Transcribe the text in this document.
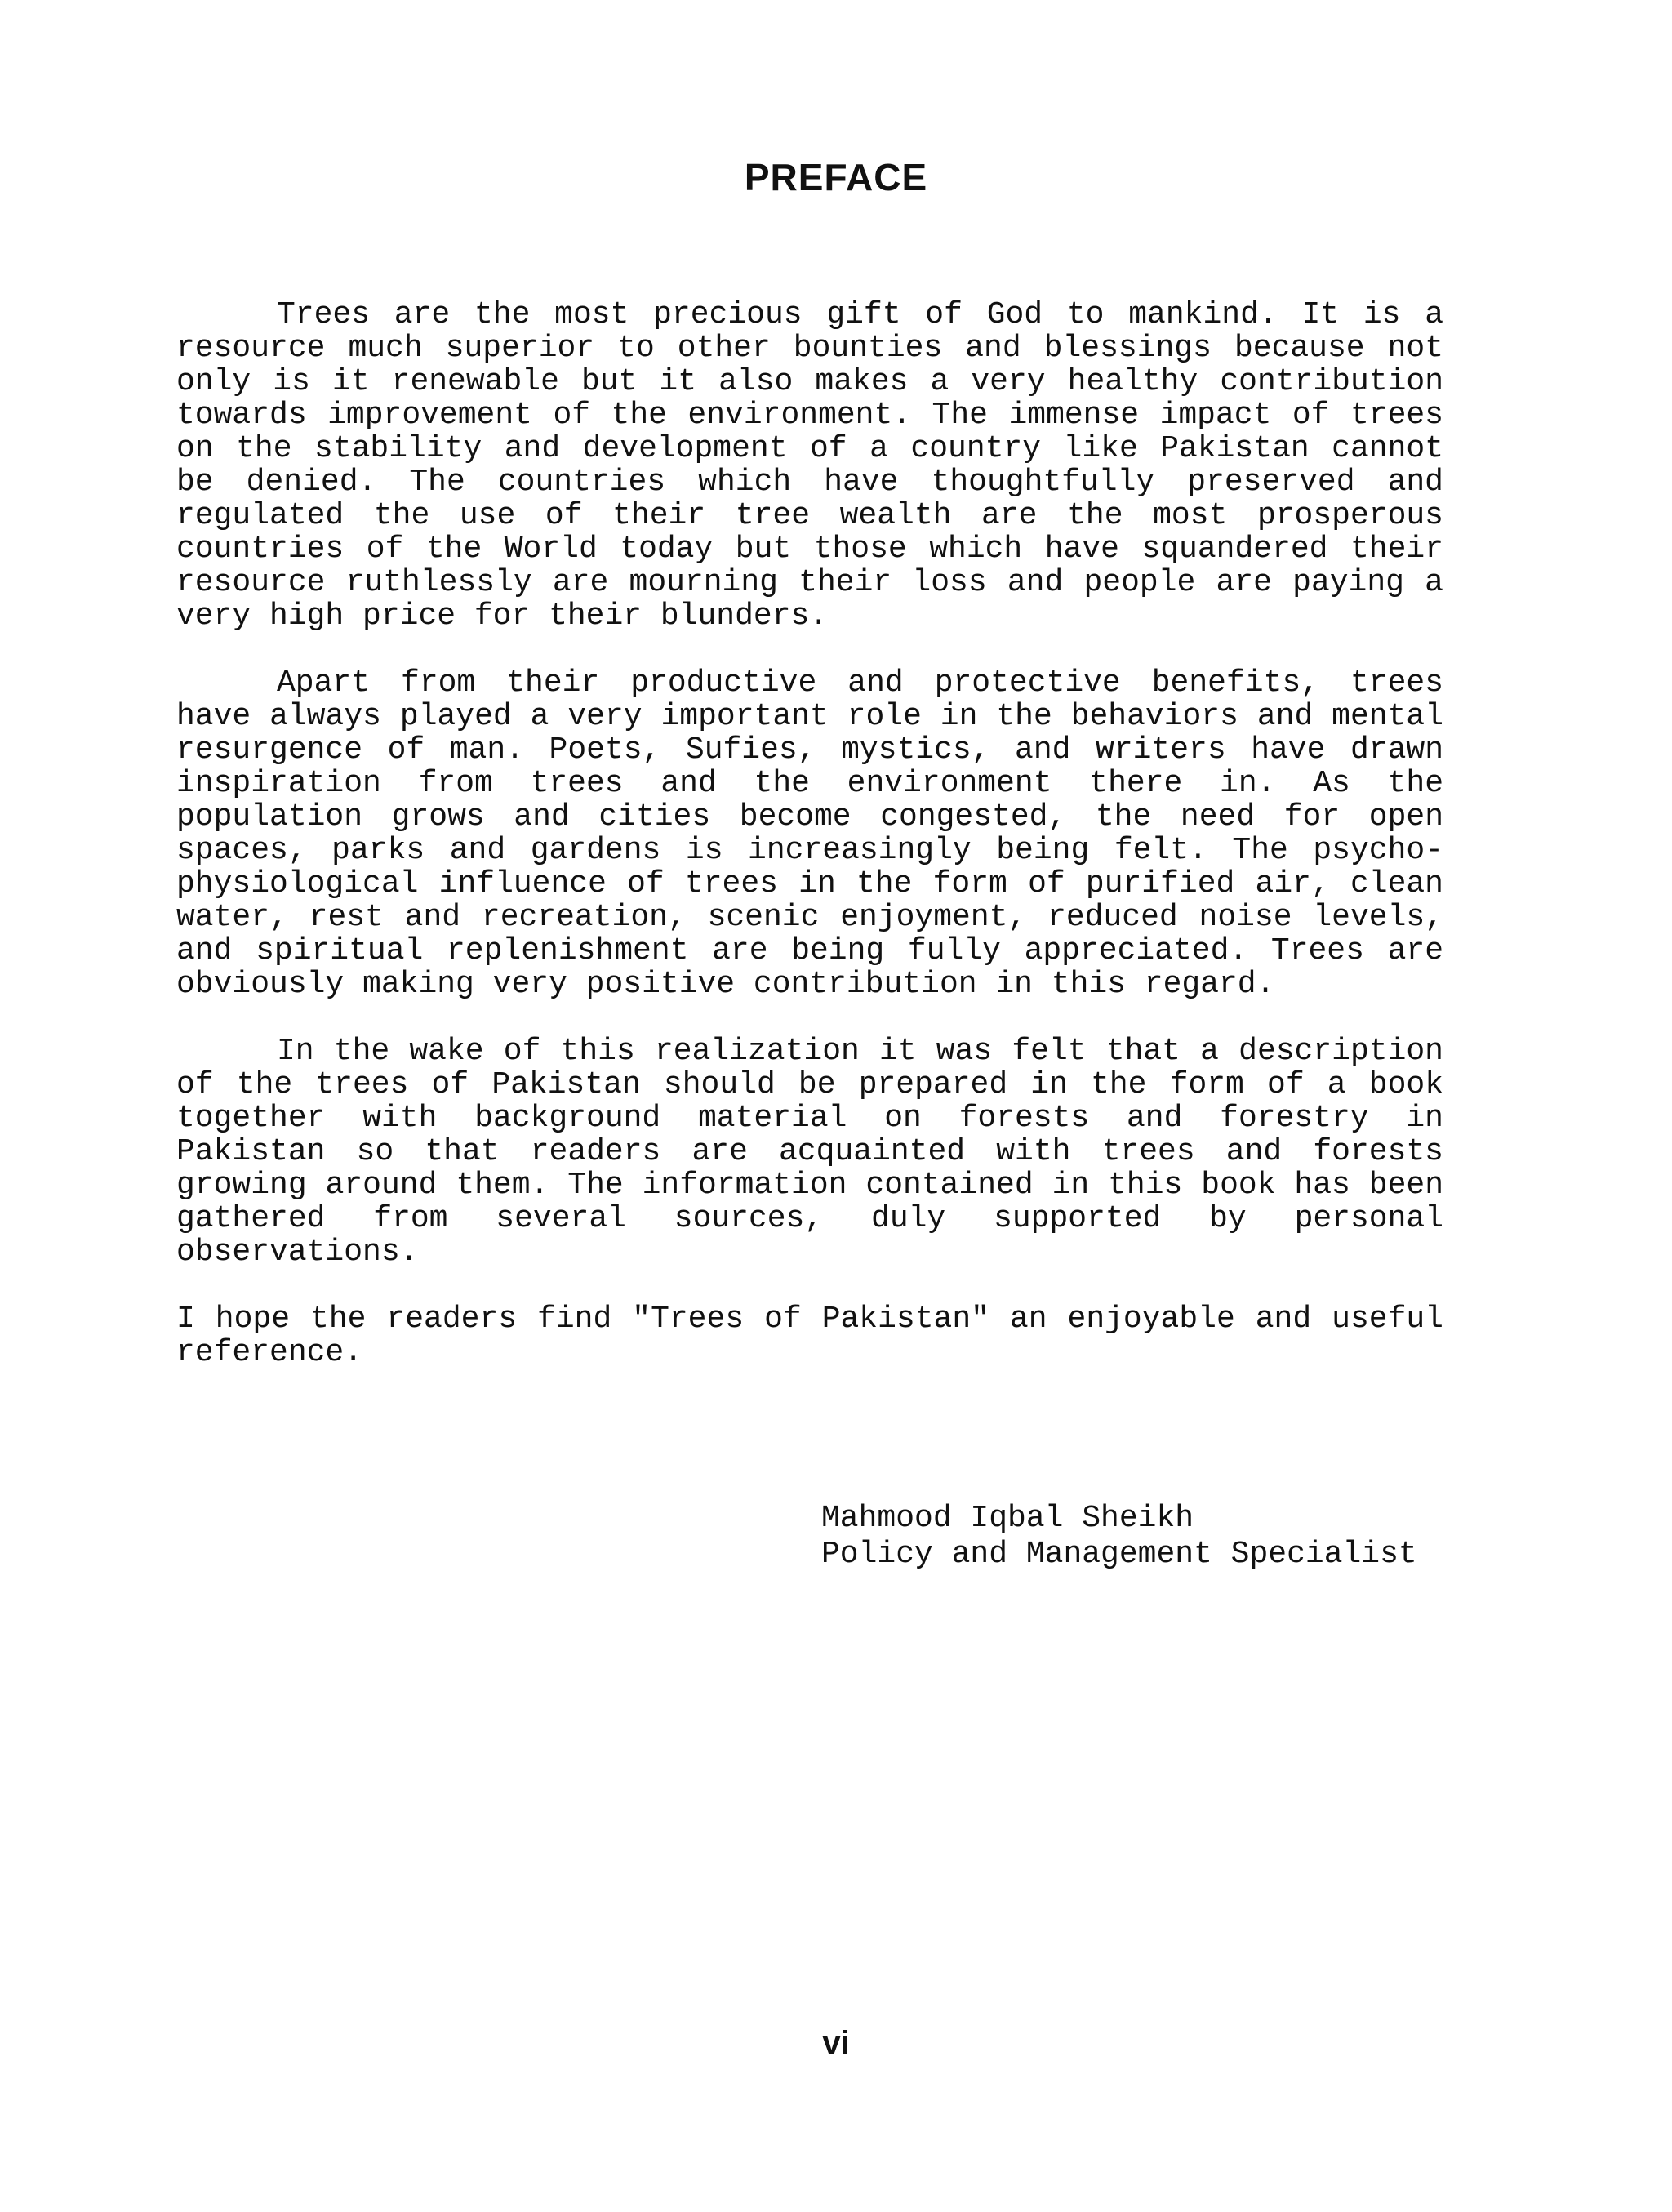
PREFACE

Trees are the most precious gift of God to mankind. It is a resource much superior to other bounties and blessings because not only is it renewable but it also makes a very healthy contribution towards improvement of the environment. The immense impact of trees on the stability and development of a country like Pakistan cannot be denied. The countries which have thoughtfully preserved and regulated the use of their tree wealth are the most prosperous countries of the World today but those which have squandered their resource ruthlessly are mourning their loss and people are paying a very high price for their blunders.

Apart from their productive and protective benefits, trees have always played a very important role in the behaviors and mental resurgence of man. Poets, Sufies, mystics, and writers have drawn inspiration from trees and the environment there in. As the population grows and cities become congested, the need for open spaces, parks and gardens is increasingly being felt. The psycho-physiological influence of trees in the form of purified air, clean water, rest and recreation, scenic enjoyment, reduced noise levels, and spiritual replenishment are being fully appreciated. Trees are obviously making very positive contribution in this regard.

In the wake of this realization it was felt that a description of the trees of Pakistan should be prepared in the form of a book together with background material on forests and forestry in Pakistan so that readers are acquainted with trees and forests growing around them. The information contained in this book has been gathered from several sources, duly supported by personal observations.

I hope the readers find "Trees of Pakistan" an enjoyable and useful reference.

Mahmood Iqbal Sheikh
Policy and Management Specialist
vi
